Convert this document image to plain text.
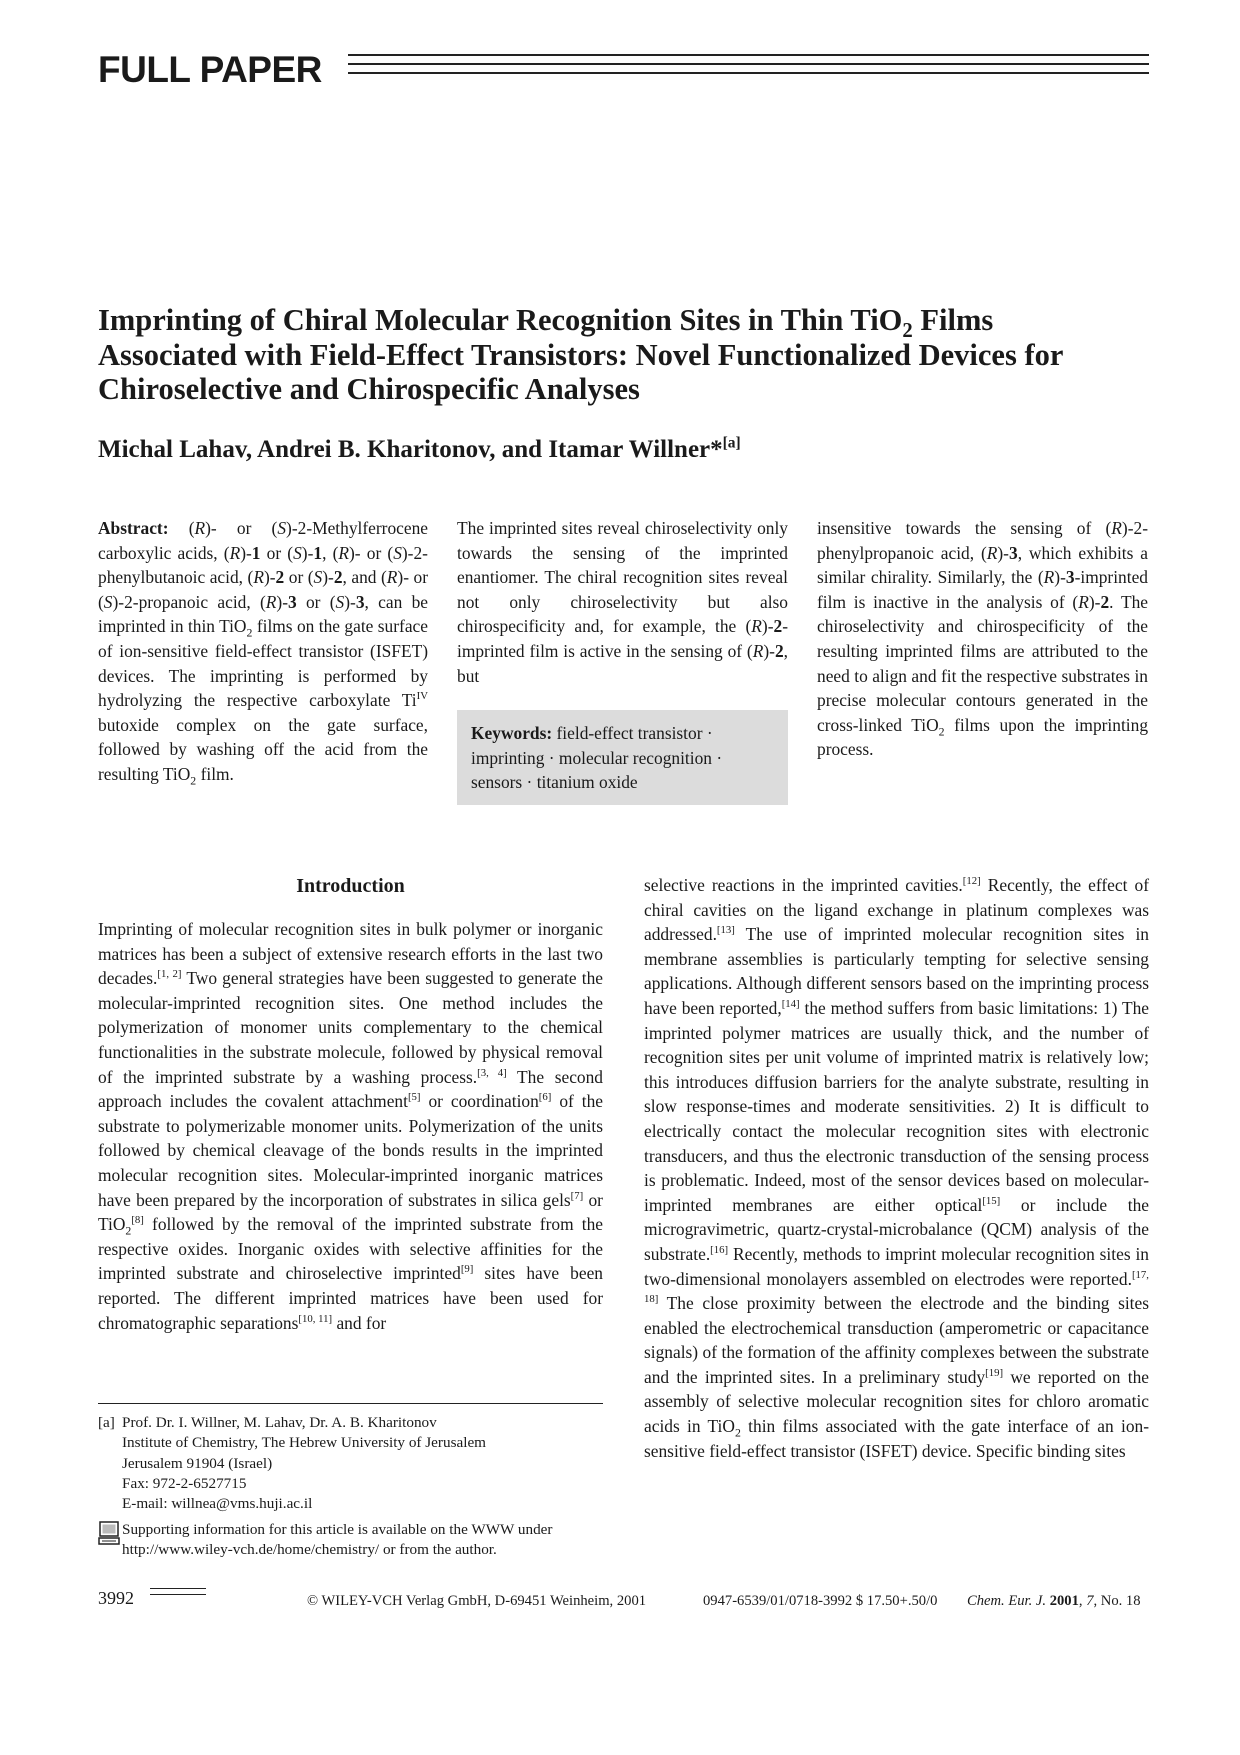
FULL PAPER
Imprinting of Chiral Molecular Recognition Sites in Thin TiO$_2$ Films
Associated with Field-Effect Transistors: Novel Functionalized Devices for
Chiroselective and Chirospecific Analyses
Michal Lahav, Andrei B. Kharitonov, and Itamar Willner*[a]
Abstract: (R)- or (S)-2-Methylferrocene carboxylic acids, (R)-1 or (S)-1, (R)- or (S)-2-phenylbutanoic acid, (R)-2 or (S)-2, and (R)- or (S)-2-propanoic acid, (R)-3 or (S)-3, can be imprinted in thin TiO$_2$ films on the gate surface of ion-sensitive field-effect transistor (ISFET) devices. The imprinting is performed by hydrolyzing the respective carboxylate $Ti^{IV}$ butoxide complex on the gate surface, followed by washing off the acid from the resulting TiO$_2$ film.
The imprinted sites reveal chiroselectivity only towards the sensing of the imprinted enantiomer. The chiral recognition sites reveal not only chiroselectivity but also chirospecificity and, for example, the (R)-2-imprinted film is active in the sensing of (R)-2, but
insensitive towards the sensing of (R)-2-phenylpropanoic acid, (R)-3, which exhibits a similar chirality. Similarly, the (R)-3-imprinted film is inactive in the analysis of (R)-2. The chiroselectivity and chirospecificity of the resulting imprinted films are attributed to the need to align and fit the respective substrates in precise molecular contours generated in the cross-linked TiO$_2$ films upon the imprinting process.
Keywords: field-effect transistor · imprinting · molecular recognition · sensors · titanium oxide
Introduction
Imprinting of molecular recognition sites in bulk polymer or inorganic matrices has been a subject of extensive research efforts in the last two decades.[1, 2] Two general strategies have been suggested to generate the molecular-imprinted recognition sites. One method includes the polymerization of monomer units complementary to the chemical functionalities in the substrate molecule, followed by physical removal of the imprinted substrate by a washing process.[3, 4] The second approach includes the covalent attachment[5] or coordination[6] of the substrate to polymerizable monomer units. Polymerization of the units followed by chemical cleavage of the bonds results in the imprinted molecular recognition sites. Molecular-imprinted inorganic matrices have been prepared by the incorporation of substrates in silica gels[7] or TiO$_2$[8] followed by the removal of the imprinted substrate from the respective oxides. Inorganic oxides with selective affinities for the imprinted substrate and chiroselective imprinted[9] sites have been reported. The different imprinted matrices have been used for chromatographic separations[10, 11] and for
selective reactions in the imprinted cavities.[12] Recently, the effect of chiral cavities on the ligand exchange in platinum complexes was addressed.[13] The use of imprinted molecular recognition sites in membrane assemblies is particularly tempting for selective sensing applications. Although different sensors based on the imprinting process have been reported,[14] the method suffers from basic limitations: 1) The imprinted polymer matrices are usually thick, and the number of recognition sites per unit volume of imprinted matrix is relatively low; this introduces diffusion barriers for the analyte substrate, resulting in slow response-times and moderate sensitivities. 2) It is difficult to electrically contact the molecular recognition sites with electronic transducers, and thus the electronic transduction of the sensing process is problematic. Indeed, most of the sensor devices based on molecular-imprinted membranes are either optical[15] or include the microgravimetric, quartz-crystal-microbalance (QCM) analysis of the substrate.[16] Recently, methods to imprint molecular recognition sites in two-dimensional monolayers assembled on electrodes were reported.[17, 18] The close proximity between the electrode and the binding sites enabled the electrochemical transduction (amperometric or capacitance signals) of the formation of the affinity complexes between the substrate and the imprinted sites. In a preliminary study[19] we reported on the assembly of selective molecular recognition sites for chloro aromatic acids in TiO$_2$ thin films associated with the gate interface of an ion-sensitive field-effect transistor (ISFET) device. Specific binding sites
[a] Prof. Dr. I. Willner, M. Lahav, Dr. A. B. Kharitonov
Institute of Chemistry, The Hebrew University of Jerusalem
Jerusalem 91904 (Israel)
Fax: 972-2-6527715
E-mail: willnea@vms.huji.ac.il
Supporting information for this article is available on the WWW under
http://www.wiley-vch.de/home/chemistry/ or from the author.
3992	© WILEY-VCH Verlag GmbH, D-69451 Weinheim, 2001	0947-6539/01/0718-3992 $ 17.50+.50/0 Chem. Eur. J. 2001, 7, No. 18
